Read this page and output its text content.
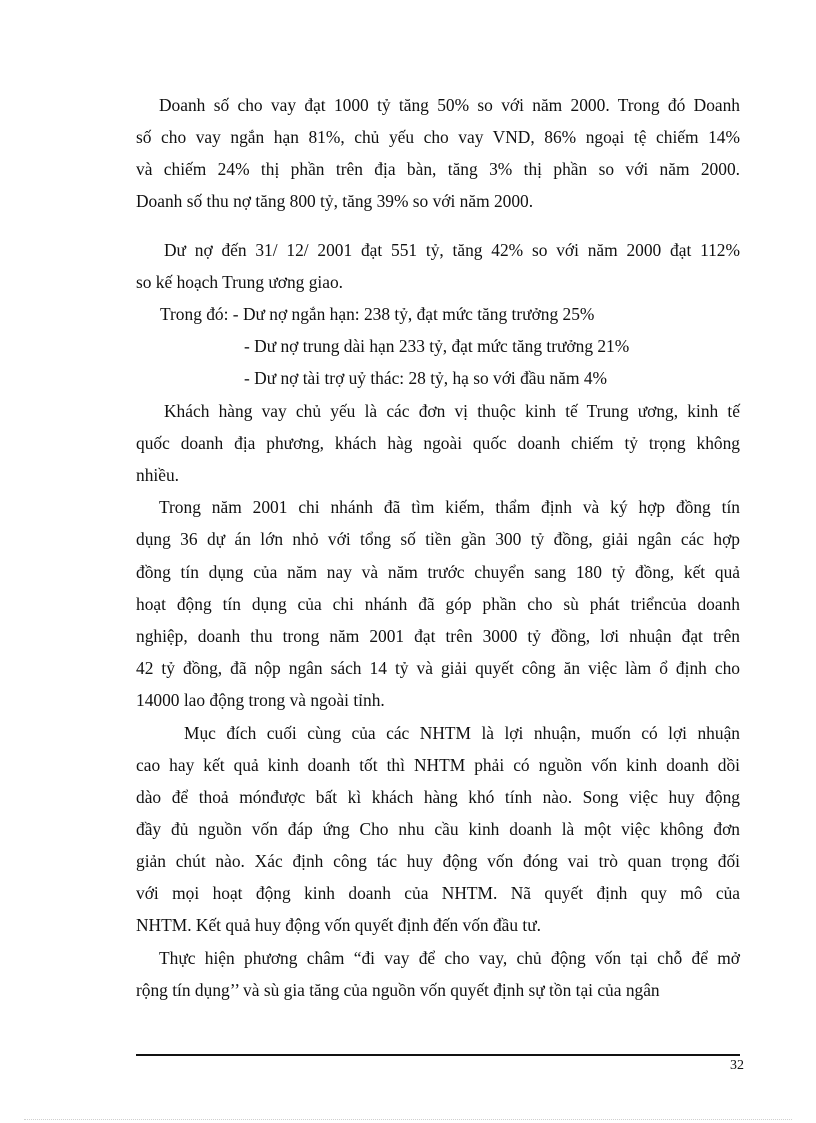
Doanh số cho vay đạt 1000 tỷ tăng 50% so với năm 2000. Trong đó Doanh
số cho vay ngắn hạn 81%, chủ yếu cho vay VND, 86% ngoại tệ chiếm 14%
và chiếm 24% thị phần trên địa bàn, tăng 3% thị phần so với năm 2000.
Doanh số thu nợ tăng 800 tỷ, tăng 39% so với năm 2000.
Dư nợ đến 31/ 12/ 2001 đạt 551 tỷ, tăng 42% so với năm 2000 đạt 112%
so kế hoạch Trung ương giao.
Trong đó: - Dư nợ ngắn hạn: 238 tỷ, đạt mức tăng trưởng 25%
- Dư nợ trung dài hạn 233 tỷ, đạt mức tăng trưởng 21%
- Dư nợ tài trợ uỷ thác: 28 tỷ, hạ so với đầu năm 4%
Khách hàng vay chủ yếu là các đơn vị thuộc kinh tế Trung ương, kinh tế
quốc doanh địa phương, khách hàg ngoài quốc doanh chiếm tỷ trọng không
nhiều.
Trong năm 2001 chi nhánh đã tìm kiếm, thẩm định và ký hợp đồng tín
dụng 36 dự án lớn nhỏ với tổng số tiền gần 300 tỷ đồng, giải ngân các hợp
đồng tín dụng của năm nay và năm trước chuyển sang 180 tỷ đồng, kết quả
hoạt động tín dụng của chi nhánh đã góp phần cho sù phát triểncủa doanh
nghiệp, doanh thu trong năm 2001 đạt trên 3000 tỷ đồng, lơi nhuận đạt trên
42 tỷ đồng, đã nộp ngân sách 14 tỷ và giải quyết công ăn việc làm ổ định cho
14000 lao động trong và ngoài tỉnh.
Mục đích cuối cùng của các NHTM là lợi nhuận, muốn có lợi nhuận
cao hay kết quả kinh doanh tốt thì NHTM phải có nguồn vốn kinh doanh dồi
dào để thoả mónđược bất kì khách hàng khó tính nào. Song việc huy động
đầy đủ nguồn vốn đáp ứng Cho nhu cầu kinh doanh là một việc không đơn
giản chút nào. Xác định công tác huy động vốn đóng vai trò quan trọng đối
với mọi hoạt động kinh doanh của NHTM. Nã quyết định quy mô của
NHTM. Kết quả huy động vốn quyết định đến vốn đầu tư.
Thực hiện phương châm “đi vay để cho vay, chủ động vốn tại chỗ để mở
rộng tín dụng’’ và sù gia tăng của nguồn vốn quyết định sự tồn tại của ngân
32
